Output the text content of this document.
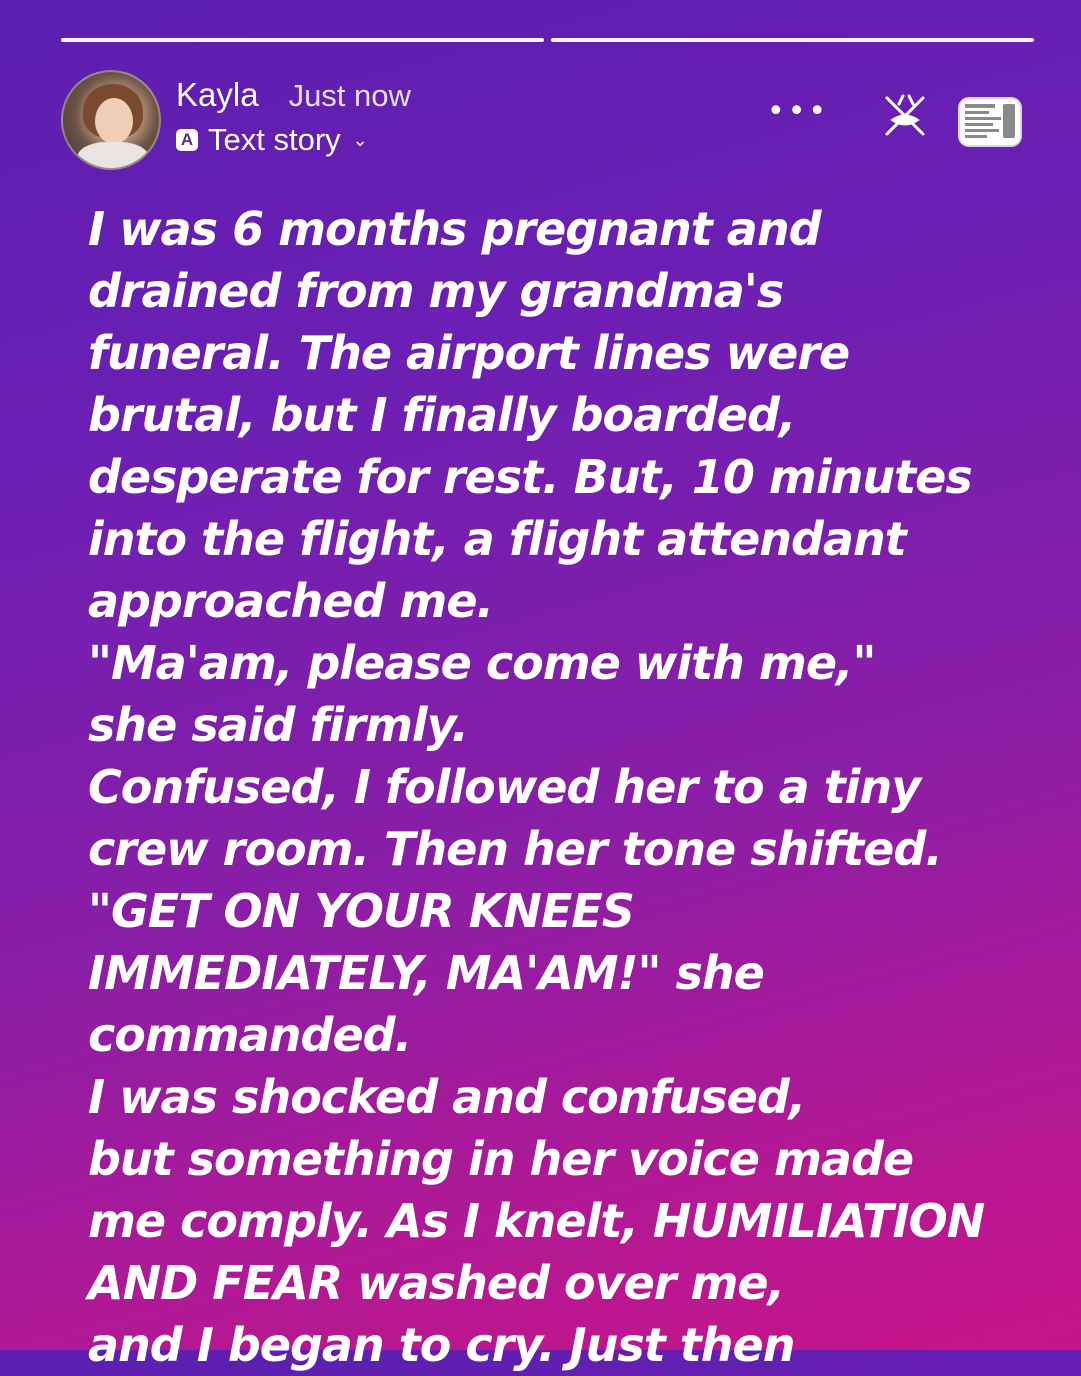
Kayla Just now
A Text story ⌄
•••

I was 6 months pregnant and

drained from my grandma's

funeral. The airport lines were

brutal, but I finally boarded,

desperate for rest. But, 10 minutes

into the flight, a flight attendant

approached me.

"Ma'am, please come with me,"

she said firmly.

Confused, I followed her to a tiny

crew room. Then her tone shifted.

"GET ON YOUR KNEES

IMMEDIATELY, MA'AM!" she

commanded.

I was shocked and confused,

but something in her voice made

me comply. As I knelt, HUMILIATION

AND FEAR washed over me,

and I began to cry. Just then
